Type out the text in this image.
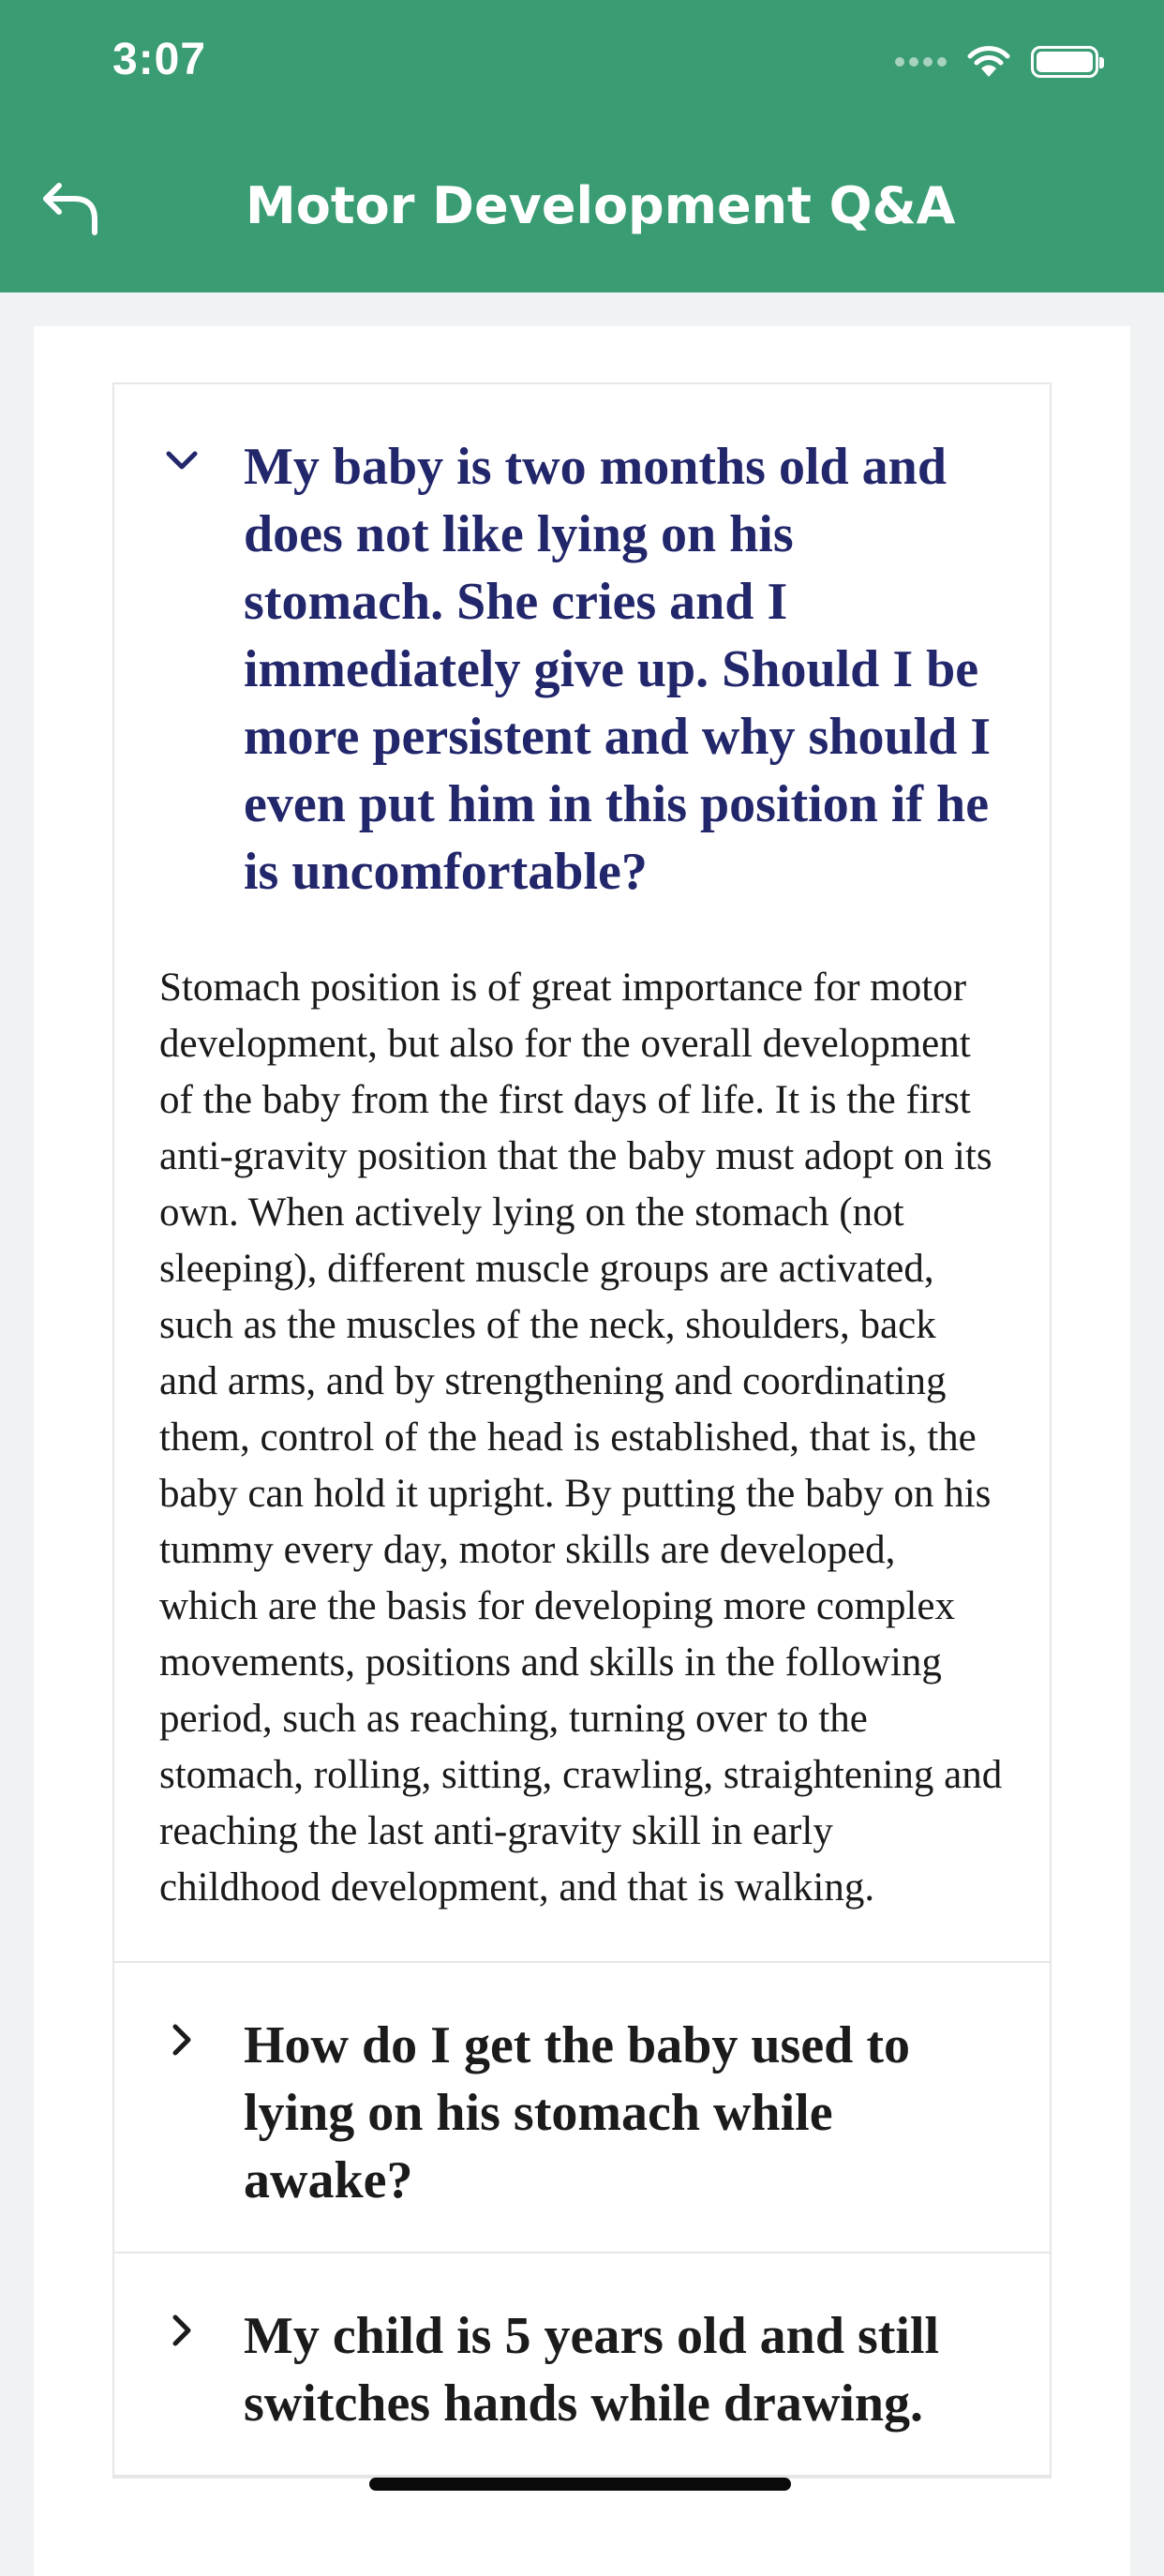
3:07
Motor Development Q&A
My baby is two months old and does not like lying on his stomach. She cries and I immediately give up. Should I be more persistent and why should I even put him in this position if he is uncomfortable?
Stomach position is of great importance for motor development, but also for the overall development of the baby from the first days of life. It is the first anti-gravity position that the baby must adopt on its own. When actively lying on the stomach (not sleeping), different muscle groups are activated, such as the muscles of the neck, shoulders, back and arms, and by strengthening and coordinating them, control of the head is established, that is, the baby can hold it upright. By putting the baby on his tummy every day, motor skills are developed, which are the basis for developing more complex movements, positions and skills in the following period, such as reaching, turning over to the stomach, rolling, sitting, crawling, straightening and reaching the last anti-gravity skill in early childhood development, and that is walking.
How do I get the baby used to lying on his stomach while awake?
My child is 5 years old and still switches hands while drawing.
